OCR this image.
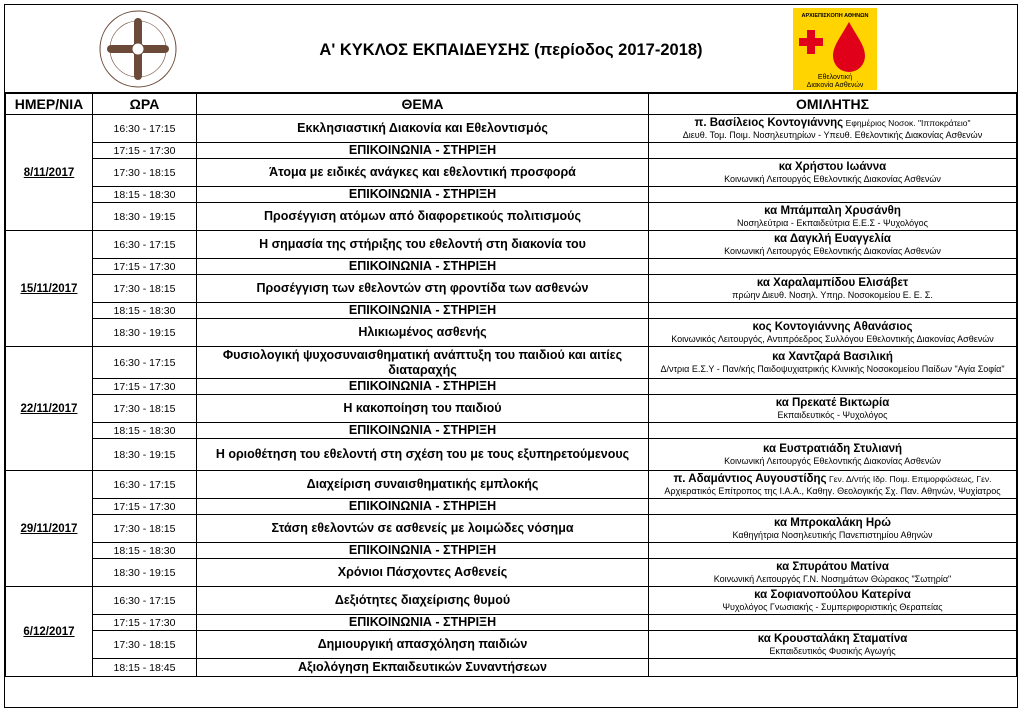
Α' ΚΥΚΛΟΣ ΕΚΠΑΙΔΕΥΣΗΣ (περίοδος 2017-2018)
ΑΡΧΙΕΠΙΣΚΟΠΗ ΑΘΗΝΩΝ
Εθελοντική
Διακονία Ασθενών
ΗΜΕΡ/ΝΙΑ	ΩΡΑ	ΘΕΜΑ	ΟΜΙΛΗΤΗΣ
8/11/2017	16:30 - 17:15	Εκκλησιαστική Διακονία και Εθελοντισμός	π. Βασίλειος Κοντογιάννης Εφημέριος Νοσοκ. "Ιπποκράτειο"
Διευθ. Τομ. Ποιμ. Νοσηλευτηρίων - Υπευθ. Εθελοντικής Διακονίας Ασθενών

	17:15 - 17:30	ΕΠΙΚΟΙΝΩΝΙΑ - ΣΤΗΡΙΞΗ	
	17:30 - 18:15	Άτομα με ειδικές ανάγκες και εθελοντική προσφορά	κα Χρήστου Ιωάννα
Κοινωνική Λειτουργός Εθελοντικής Διακονίας Ασθενών

	18:15 - 18:30	ΕΠΙΚΟΙΝΩΝΙΑ - ΣΤΗΡΙΞΗ	
	18:30 - 19:15	Προσέγγιση ατόμων από διαφορετικούς πολιτισμούς	κα Μπάμπαλη Χρυσάνθη
Νοσηλεύτρια - Εκπαιδεύτρια Ε.Ε.Σ - Ψυχολόγος

15/11/2017	16:30 - 17:15	Η σημασία της στήριξης του εθελοντή στη διακονία του	κα Δαγκλή Ευαγγελία
Κοινωνική Λειτουργός Εθελοντικής Διακονίας Ασθενών

	17:15 - 17:30	ΕΠΙΚΟΙΝΩΝΙΑ - ΣΤΗΡΙΞΗ	
	17:30 - 18:15	Προσέγγιση των εθελοντών στη φροντίδα των ασθενών	κα Χαραλαμπίδου Ελισάβετ
πρώην Διευθ. Νοσηλ. Υπηρ. Νοσοκομείου Ε. Ε. Σ.

	18:15 - 18:30	ΕΠΙΚΟΙΝΩΝΙΑ - ΣΤΗΡΙΞΗ	
	18:30 - 19:15	Ηλικιωμένος ασθενής	κος Κοντογιάννης Αθανάσιος
Κοινωνικός Λειτουργός, Αντιπρόεδρος Συλλόγου Εθελοντικής Διακονίας Ασθενών

22/11/2017	16:30 - 17:15	Φυσιολογική ψυχοσυναισθηματική ανάπτυξη του παιδιού και αιτίες διαταραχής	κα Χαντζαρά Βασιλική
Δ/ντρια Ε.Σ.Υ - Παν/κής Παιδοψυχιατρικής Κλινικής Νοσοκομείου Παίδων "Αγία Σοφία"

	17:15 - 17:30	ΕΠΙΚΟΙΝΩΝΙΑ - ΣΤΗΡΙΞΗ	
	17:30 - 18:15	Η κακοποίηση του παιδιού	κα Πρεκατέ Βικτωρία
Εκπαιδευτικός - Ψυχολόγος

	18:15 - 18:30	ΕΠΙΚΟΙΝΩΝΙΑ - ΣΤΗΡΙΞΗ	
	18:30 - 19:15	Η οριοθέτηση του εθελοντή στη σχέση του με τους εξυπηρετούμενους	κα Ευστρατιάδη Στυλιανή
Κοινωνική Λειτουργός Εθελοντικής Διακονίας Ασθενών

29/11/2017	16:30 - 17:15	Διαχείριση συναισθηματικής εμπλοκής	π. Αδαμάντιος Αυγουστίδης Γεν. Δ/ντής Ιδρ. Ποιμ. Επιμορφώσεως, Γεν.
Αρχιερατικός Επίτροπος της Ι.Α.Α., Καθηγ. Θεολογικής Σχ. Παν. Αθηνών, Ψυχίατρος

	17:15 - 17:30	ΕΠΙΚΟΙΝΩΝΙΑ - ΣΤΗΡΙΞΗ	
	17:30 - 18:15	Στάση εθελοντών σε ασθενείς με λοιμώδες νόσημα	κα Μπροκαλάκη Ηρώ
Καθηγήτρια Νοσηλευτικής Πανεπιστημίου Αθηνών

	18:15 - 18:30	ΕΠΙΚΟΙΝΩΝΙΑ - ΣΤΗΡΙΞΗ	
	18:30 - 19:15	Χρόνιοι Πάσχοντες Ασθενείς	κα Σπυράτου Ματίνα
Κοινωνική Λειτουργός Γ.Ν. Νοσημάτων Θώρακος "Σωτηρία"

6/12/2017	16:30 - 17:15	Δεξιότητες διαχείρισης θυμού	κα Σοφιανοπούλου Κατερίνα
Ψυχολόγος Γνωσιακής - Συμπεριφοριστικής Θεραπείας

	17:15 - 17:30	ΕΠΙΚΟΙΝΩΝΙΑ - ΣΤΗΡΙΞΗ	
	17:30 - 18:15	Δημιουργική απασχόληση παιδιών	κα Κρουσταλάκη Σταματίνα
Εκπαιδευτικός Φυσικής Αγωγής

	18:15 - 18:45	Αξιολόγηση Εκπαιδευτικών Συναντήσεων	
